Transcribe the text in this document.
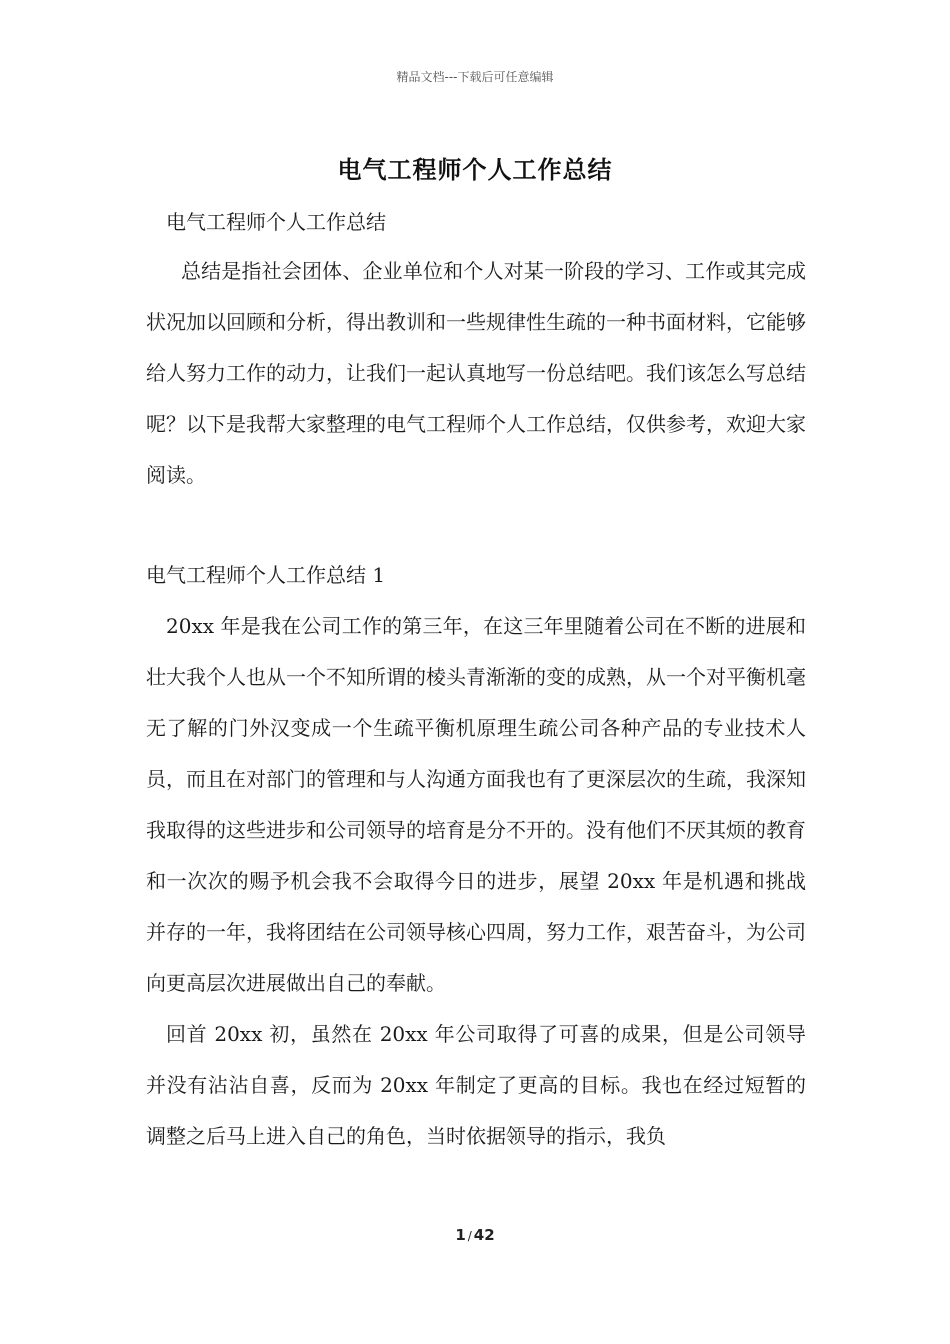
精品文档---下载后可任意编辑
电气工程师个人工作总结

电气工程师个人工作总结

总结是指社会团体、企业单位和个人对某一阶段的学习、工作或其完成状况加以回顾和分析，得出教训和一些规律性生疏的一种书面材料，它能够给人努力工作的动力，让我们一起认真地写一份总结吧。我们该怎么写总结呢？以下是我帮大家整理的电气工程师个人工作总结，仅供参考，欢迎大家阅读。

电气工程师个人工作总结 1

20xx 年是我在公司工作的第三年，在这三年里随着公司在不断的进展和壮大我个人也从一个不知所谓的棱头青渐渐的变的成熟，从一个对平衡机毫无了解的门外汉变成一个生疏平衡机原理生疏公司各种产品的专业技术人员，而且在对部门的管理和与人沟通方面我也有了更深层次的生疏，我深知我取得的这些进步和公司领导的培育是分不开的。没有他们不厌其烦的教育和一次次的赐予机会我不会取得今日的进步，展望 20xx 年是机遇和挑战并存的一年，我将团结在公司领导核心四周，努力工作，艰苦奋斗，为公司向更高层次进展做出自己的奉献。

回首 20xx 初，虽然在 20xx 年公司取得了可喜的成果，但是公司领导并没有沾沾自喜，反而为 20xx 年制定了更高的目标。我也在经过短暂的调整之后马上进入自己的角色，当时依据领导的指示，我负

1 / 42
